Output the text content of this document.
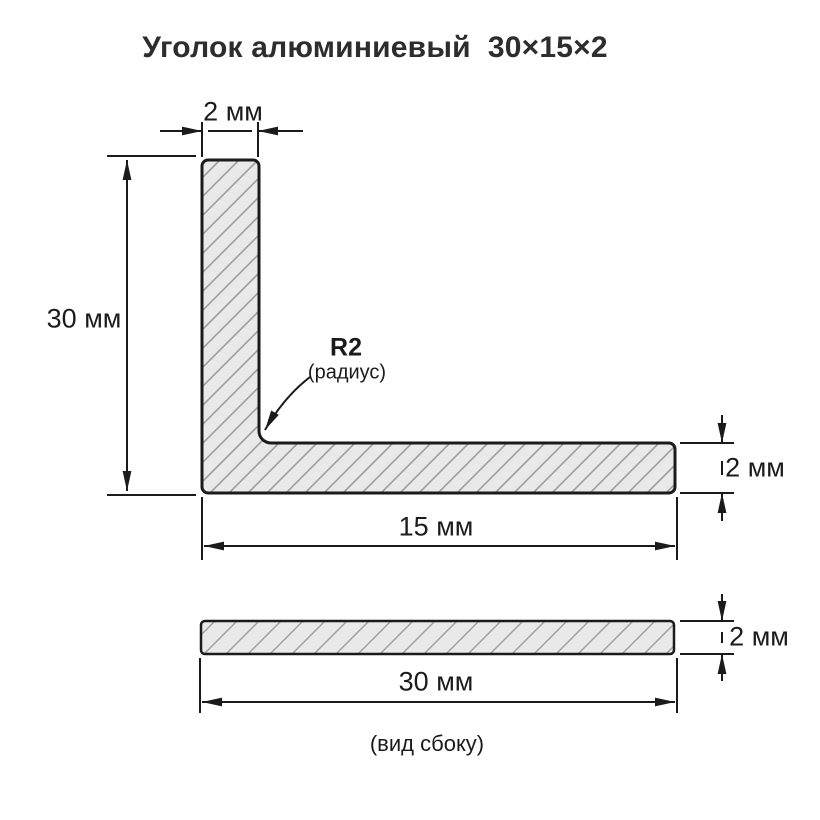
Уголок алюминиевый  30×15×2
2 мм
30 мм
R2
(радиус)
2 мм
15 мм
2 мм
30 мм
(вид сбоку)
